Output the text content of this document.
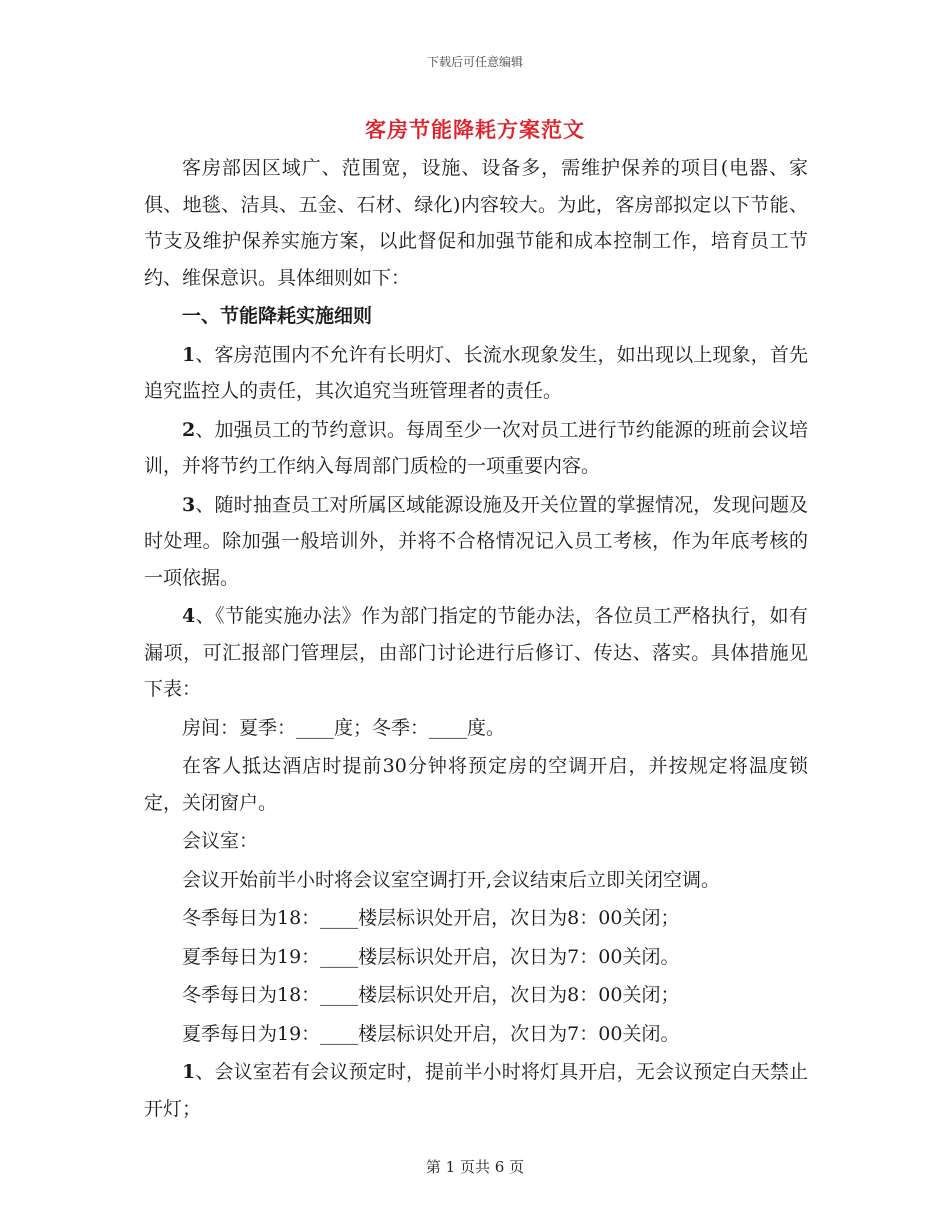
下载后可任意编辑
客房节能降耗方案范文

客房部因区域广、范围宽，设施、设备多，需维护保养的项目(电器、家俱、地毯、洁具、五金、石材、绿化)内容较大。为此，客房部拟定以下节能、节支及维护保养实施方案，以此督促和加强节能和成本控制工作，培育员工节约、维保意识。具体细则如下：

一、节能降耗实施细则

1、客房范围内不允许有长明灯、长流水现象发生，如出现以上现象，首先追究监控人的责任，其次追究当班管理者的责任。

2、加强员工的节约意识。每周至少一次对员工进行节约能源的班前会议培训，并将节约工作纳入每周部门质检的一项重要内容。

3、随时抽查员工对所属区域能源设施及开关位置的掌握情况，发现问题及时处理。除加强一般培训外，并将不合格情况记入员工考核，作为年底考核的一项依据。

4、《节能实施办法》作为部门指定的节能办法，各位员工严格执行，如有漏项，可汇报部门管理层，由部门讨论进行后修订、传达、落实。具体措施见下表：

房间：夏季：____度；冬季：____度。

在客人抵达酒店时提前30分钟将预定房的空调开启，并按规定将温度锁定，关闭窗户。

会议室：

会议开始前半小时将会议室空调打开,会议结束后立即关闭空调。

冬季每日为18：____楼层标识处开启，次日为8：00关闭；

夏季每日为19：____楼层标识处开启，次日为7：00关闭。

冬季每日为18：____楼层标识处开启，次日为8：00关闭；

夏季每日为19：____楼层标识处开启，次日为7：00关闭。

1、会议室若有会议预定时，提前半小时将灯具开启，无会议预定白天禁止开灯；

第 1 页共 6 页
